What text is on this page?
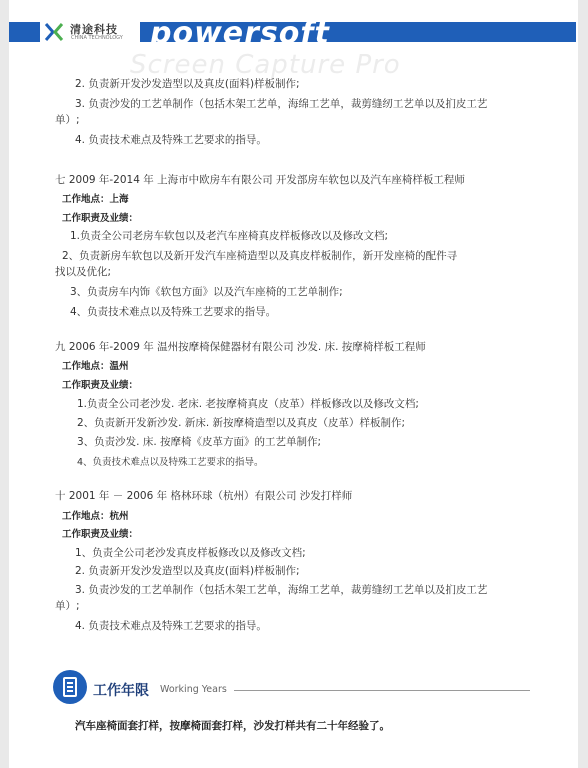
清途科技
CHINA TECHNOLOGY powersoft
Screen Capture Pro
2. 负责新开发沙发造型以及真皮(面料)样板制作;
3. 负责沙发的工艺单制作（包括木架工艺单，海绵工艺单，裁剪缝纫工艺单以及扪皮工艺
单）;
4. 负责技术难点及特殊工艺要求的指导。
七 2009 年-2014 年 上海市中欧房车有限公司 开发部房车软包以及汽车座椅样板工程师
工作地点：上海
工作职责及业绩：
1.负责全公司老房车软包以及老汽车座椅真皮样板修改以及修改文档;
2、负责新房车软包以及新开发汽车座椅造型以及真皮样板制作，新开发座椅的配件寻
找以及优化;
3、负责房车内饰《软包方面》以及汽车座椅的工艺单制作;
4、负责技术难点以及特殊工艺要求的指导。
九 2006 年-2009 年 温州按摩椅保健器材有限公司 沙发. 床. 按摩椅样板工程师
工作地点：温州
工作职责及业绩：
1.负责全公司老沙发. 老床. 老按摩椅真皮（皮革）样板修改以及修改文档;
2、负责新开发新沙发. 新床. 新按摩椅造型以及真皮（皮革）样板制作;
3、负责沙发. 床. 按摩椅《皮革方面》的工艺单制作;
4、负责技术难点以及特殊工艺要求的指导。
十 2001 年 － 2006 年 格林环球（杭州）有限公司 沙发打样师
工作地点：杭州
工作职责及业绩：
1、负责全公司老沙发真皮样板修改以及修改文档;
2. 负责新开发沙发造型以及真皮(面料)样板制作;
3. 负责沙发的工艺单制作（包括木架工艺单，海绵工艺单，裁剪缝纫工艺单以及扪皮工艺
单）;
4. 负责技术难点及特殊工艺要求的指导。
工作年限 Working Years
汽车座椅面套打样，按摩椅面套打样，沙发打样共有二十年经验了。
